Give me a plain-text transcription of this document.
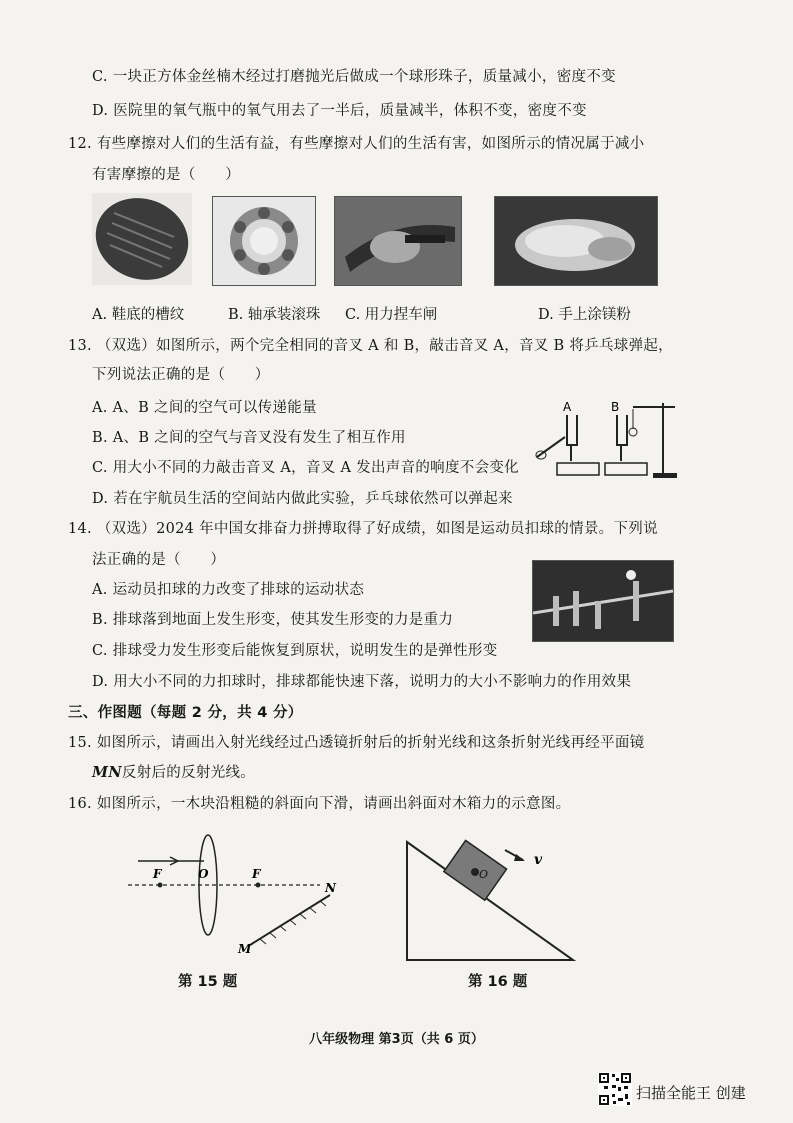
C. 一块正方体金丝楠木经过打磨抛光后做成一个球形珠子，质量减小，密度不变
D. 医院里的氧气瓶中的氧气用去了一半后，质量减半，体积不变，密度不变
12. 有些摩擦对人们的生活有益，有些摩擦对人们的生活有害，如图所示的情况属于减小
有害摩擦的是（　　）
A. 鞋底的槽纹	B. 轴承装滚珠 C. 用力捏车闸	D. 手上涂镁粉
13. （双选）如图所示，两个完全相同的音叉 A 和 B，敲击音叉 A，音叉 B 将乒乓球弹起，
下列说法正确的是（　　）
A. A、B 之间的空气可以传递能量
B. A、B 之间的空气与音叉没有发生了相互作用
C. 用大小不同的力敲击音叉 A，音叉 A 发出声音的响度不会变化
D. 若在宇航员生活的空间站内做此实验，乒乓球依然可以弹起来
A	B
14. （双选）2024 年中国女排奋力拼搏取得了好成绩，如图是运动员扣球的情景。下列说
法正确的是（　　）
A. 运动员扣球的力改变了排球的运动状态
B. 排球落到地面上发生形变，使其发生形变的力是重力
C. 排球受力发生形变后能恢复到原状，说明发生的是弹性形变
D. 用大小不同的力扣球时，排球都能快速下落，说明力的大小不影响力的作用效果
三、作图题（每题 2 分，共 4 分）
15. 如图所示，请画出入射光线经过凸透镜折射后的折射光线和这条折射光线再经平面镜
MN反射后的反射光线。
16. 如图所示，一木块沿粗糙的斜面向下滑，请画出斜面对木箱力的示意图。
F	O	F
N
M
第 15 题
O
v
第 16 题
八年级物理 第3页（共 6 页）
扫描全能王 创建
